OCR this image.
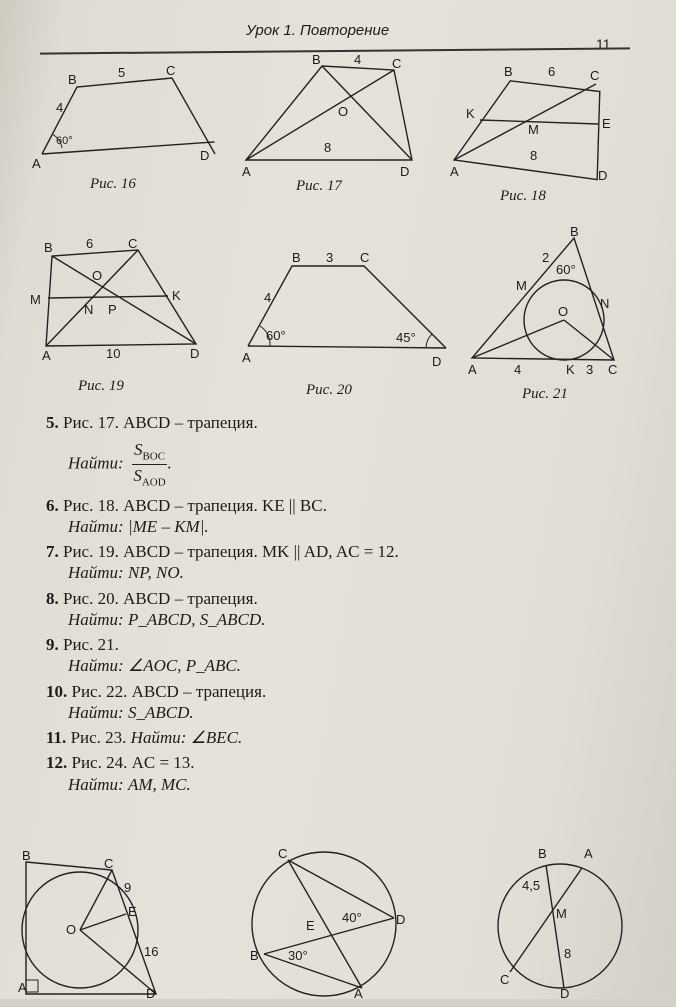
Урок 1. Повторение
11
A
B
C
D
5
4
60°
Рис. 16
A
B	C
D
O
4
8
Рис. 17
A
B	C
D
K
M	E
6
8
Рис. 18
A
B	C
D
O
M
N P
K
6
10
Рис. 19
A
B	C
D
3
4
60°	45°
Рис. 20
A
B
C
M
N
O
K
2
60°
4	3
Рис. 21
5. Рис. 17. ABCD – трапеция.
Найти: $\frac{S_{BOC}}{S_{AOD}}$ .
6. Рис. 18. ABCD – трапеция. KE || BC.
Найти: |ME – KM|.
7. Рис. 19. ABCD – трапеция. MK || AD, AC = 12.
Найти: NP, NO.
8. Рис. 20. ABCD – трапеция.
Найти: P_ABCD, S_ABCD.
9. Рис. 21.
Найти: ∠AOC, P_ABC.
10. Рис. 22. ABCD – трапеция.
Найти: S_ABCD.
11. Рис. 23. Найти: ∠BEC.
12. Рис. 24. AC = 13.
Найти: AM, MC.
B
C
O
E
A	D
9
16
C
E	D
B
A
40°
30°
B	A
M
C
D
4,5
8
